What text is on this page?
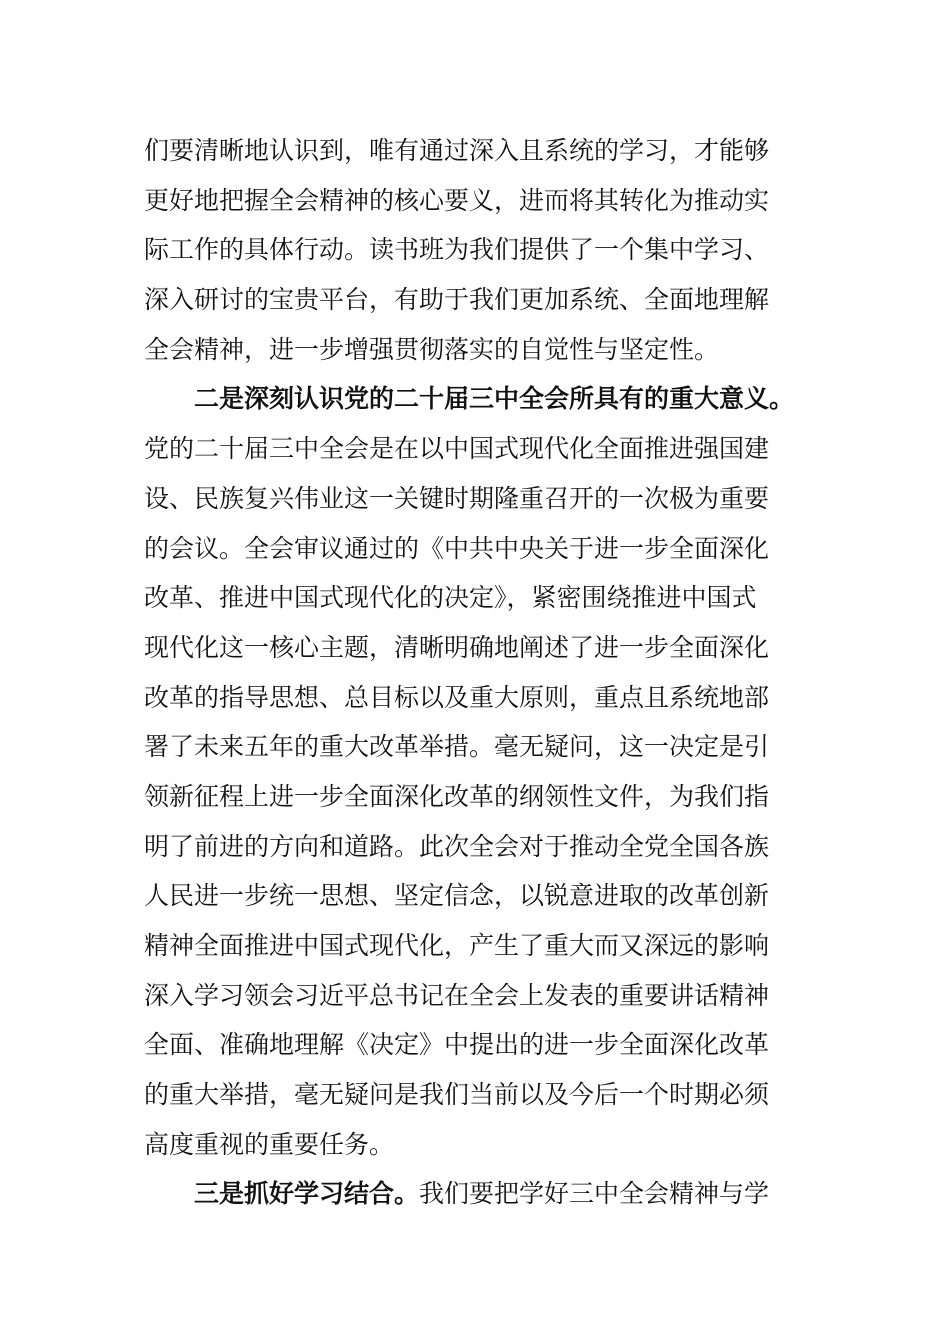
们要清晰地认识到，唯有通过深入且系统的学习，才能够
更好地把握全会精神的核心要义，进而将其转化为推动实
际工作的具体行动。读书班为我们提供了一个集中学习、
深入研讨的宝贵平台，有助于我们更加系统、全面地理解
全会精神，进一步增强贯彻落实的自觉性与坚定性。
二是深刻认识党的二十届三中全会所具有的重大意义。
党的二十届三中全会是在以中国式现代化全面推进强国建
设、民族复兴伟业这一关键时期隆重召开的一次极为重要
的会议。全会审议通过的《中共中央关于进一步全面深化
改革、推进中国式现代化的决定》，紧密围绕推进中国式
现代化这一核心主题，清晰明确地阐述了进一步全面深化
改革的指导思想、总目标以及重大原则，重点且系统地部
署了未来五年的重大改革举措。毫无疑问，这一决定是引
领新征程上进一步全面深化改革的纲领性文件，为我们指
明了前进的方向和道路。此次全会对于推动全党全国各族
人民进一步统一思想、坚定信念，以锐意进取的改革创新
精神全面推进中国式现代化，产生了重大而又深远的影响
深入学习领会习近平总书记在全会上发表的重要讲话精神
全面、准确地理解《决定》中提出的进一步全面深化改革
的重大举措，毫无疑问是我们当前以及今后一个时期必须
高度重视的重要任务。
三是抓好学习结合。我们要把学好三中全会精神与学
